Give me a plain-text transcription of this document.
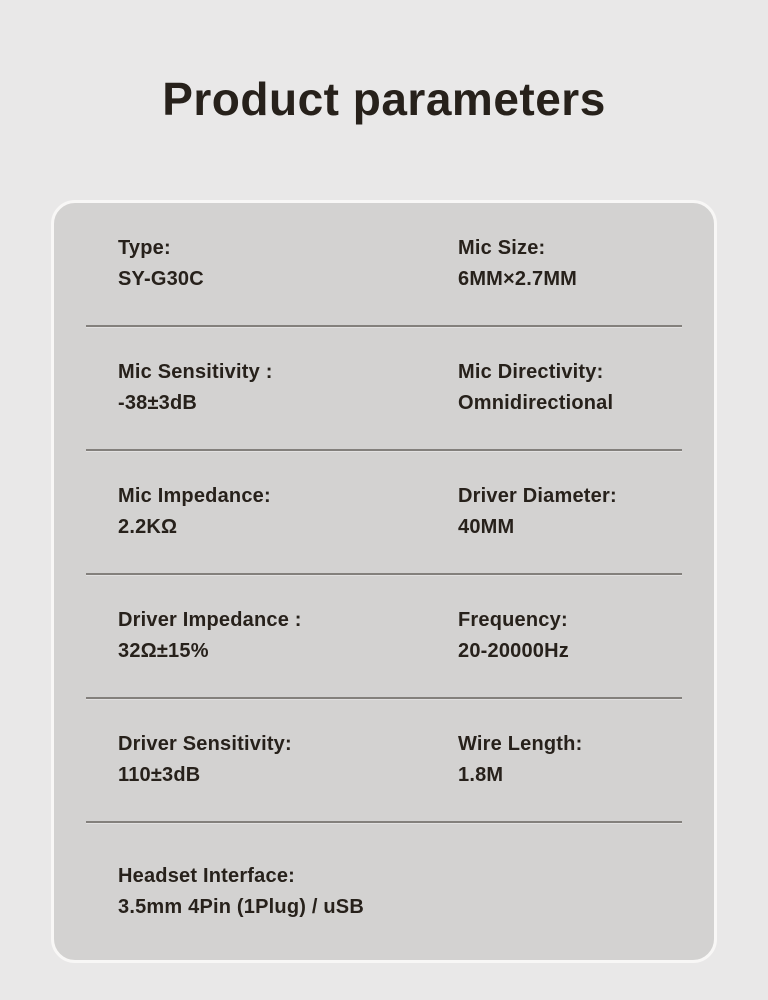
Product parameters
Type:
SY-G30C
Mic Size:
6MM×2.7MM
Mic Sensitivity :
-38±3dB
Mic Directivity:
Omnidirectional
Mic Impedance:
2.2KΩ
Driver Diameter:
40MM
Driver Impedance :
32Ω±15%
Frequency:
20-20000Hz
Driver Sensitivity:
110±3dB
Wire Length:
1.8M
Headset Interface:
3.5mm 4Pin (1Plug) / uSB
